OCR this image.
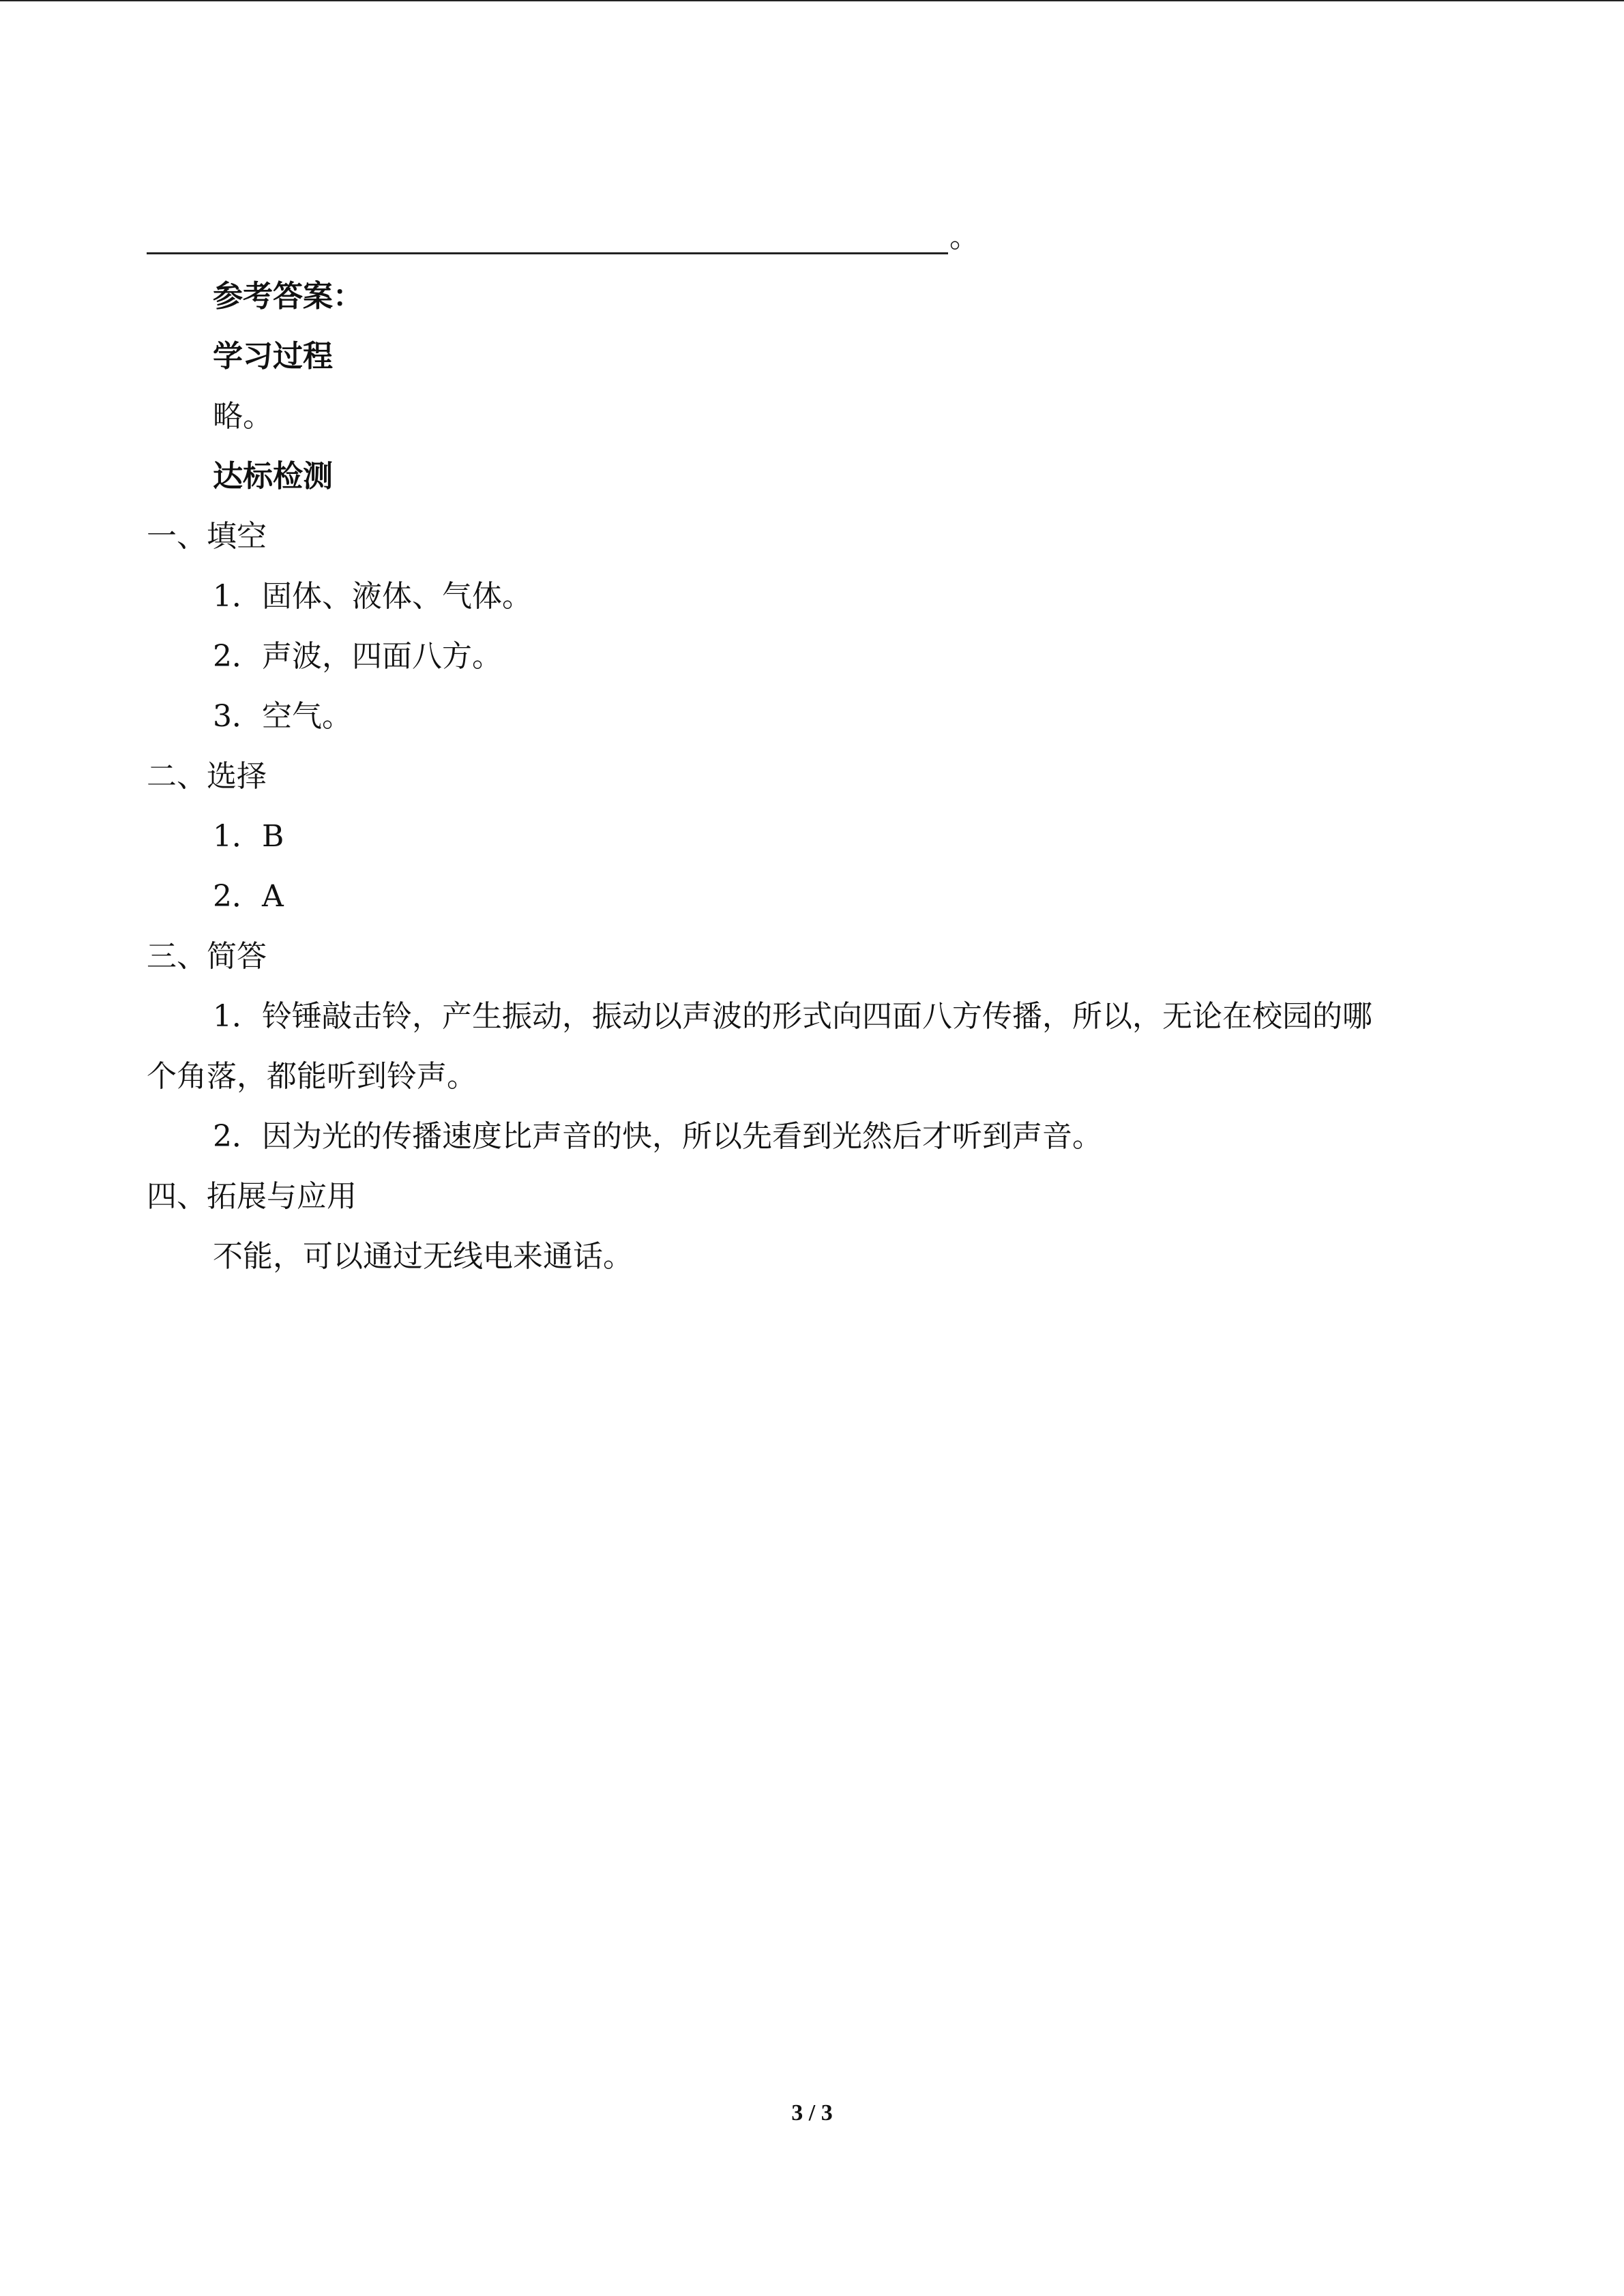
。
参考答案：
学习过程
略。
达标检测
一、填空
1．固体、液体、气体。
2．声波，四面八方。
3．空气。
二、选择
1．B
2．A
三、简答
1．铃锤敲击铃，产生振动，振动以声波的形式向四面八方传播，所以，无论在校园的哪
个角落，都能听到铃声。
2．因为光的传播速度比声音的快，所以先看到光然后才听到声音。
四、拓展与应用
不能，可以通过无线电来通话。
3 / 3
